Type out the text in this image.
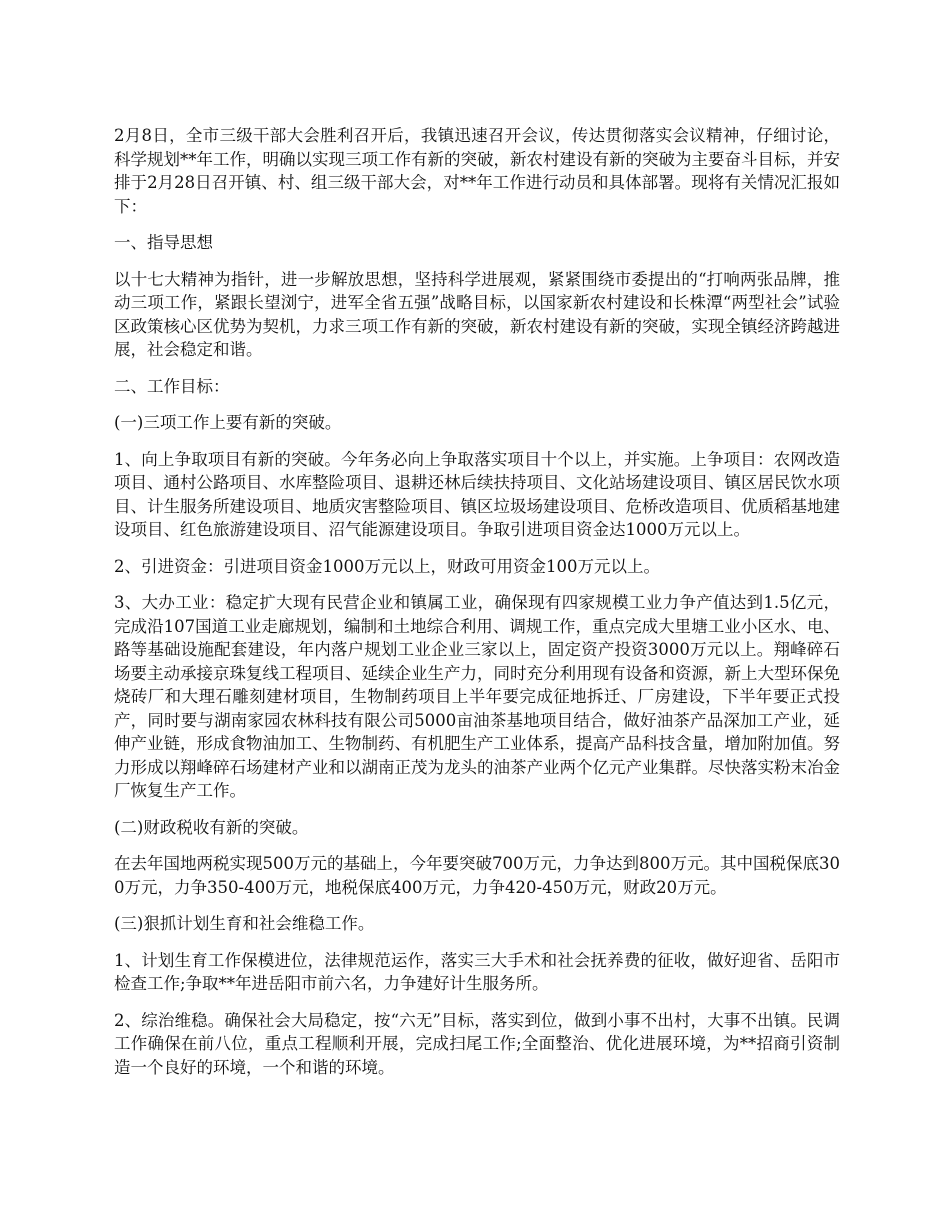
2月8日，全市三级干部大会胜利召开后，我镇迅速召开会议，传达贯彻落实会议精神，仔细讨论，科学规划**年工作，明确以实现三项工作有新的突破，新农村建设有新的突破为主要奋斗目标，并安排于2月28日召开镇、村、组三级干部大会，对**年工作进行动员和具体部署。现将有关情况汇报如下：

一、指导思想

以十七大精神为指针，进一步解放思想，坚持科学进展观，紧紧围绕市委提出的“打响两张品牌，推动三项工作，紧跟长望浏宁，进军全省五强”战略目标，以国家新农村建设和长株潭“两型社会”试验区政策核心区优势为契机，力求三项工作有新的突破，新农村建设有新的突破，实现全镇经济跨越进展，社会稳定和谐。

二、工作目标：

(一)三项工作上要有新的突破。

1、向上争取项目有新的突破。今年务必向上争取落实项目十个以上，并实施。上争项目：农网改造项目、通村公路项目、水库整险项目、退耕还林后续扶持项目、文化站场建设项目、镇区居民饮水项目、计生服务所建设项目、地质灾害整险项目、镇区垃圾场建设项目、危桥改造项目、优质稻基地建设项目、红色旅游建设项目、沼气能源建设项目。争取引进项目资金达1000万元以上。

2、引进资金：引进项目资金1000万元以上，财政可用资金100万元以上。

3、大办工业：稳定扩大现有民营企业和镇属工业，确保现有四家规模工业力争产值达到1.5亿元，完成沿107国道工业走廊规划，编制和土地综合利用、调规工作，重点完成大里塘工业小区水、电、路等基础设施配套建设，年内落户规划工业企业三家以上，固定资产投资3000万元以上。翔峰碎石场要主动承接京珠复线工程项目、延续企业生产力，同时充分利用现有设备和资源，新上大型环保免烧砖厂和大理石雕刻建材项目，生物制药项目上半年要完成征地拆迁、厂房建设，下半年要正式投产，同时要与湖南家园农林科技有限公司5000亩油茶基地项目结合，做好油茶产品深加工产业，延伸产业链，形成食物油加工、生物制药、有机肥生产工业体系，提高产品科技含量，增加附加值。努力形成以翔峰碎石场建材产业和以湖南正茂为龙头的油茶产业两个亿元产业集群。尽快落实粉末冶金厂恢复生产工作。

(二)财政税收有新的突破。

在去年国地两税实现500万元的基础上，今年要突破700万元，力争达到800万元。其中国税保底300万元，力争350-400万元，地税保底400万元，力争420-450万元，财政20万元。

(三)狠抓计划生育和社会维稳工作。

1、计划生育工作保模进位，法律规范运作，落实三大手术和社会抚养费的征收，做好迎省、岳阳市检查工作;争取**年进岳阳市前六名，力争建好计生服务所。

2、综治维稳。确保社会大局稳定，按“六无”目标，落实到位，做到小事不出村，大事不出镇。民调工作确保在前八位，重点工程顺利开展，完成扫尾工作;全面整治、优化进展环境，为**招商引资制造一个良好的环境，一个和谐的环境。
